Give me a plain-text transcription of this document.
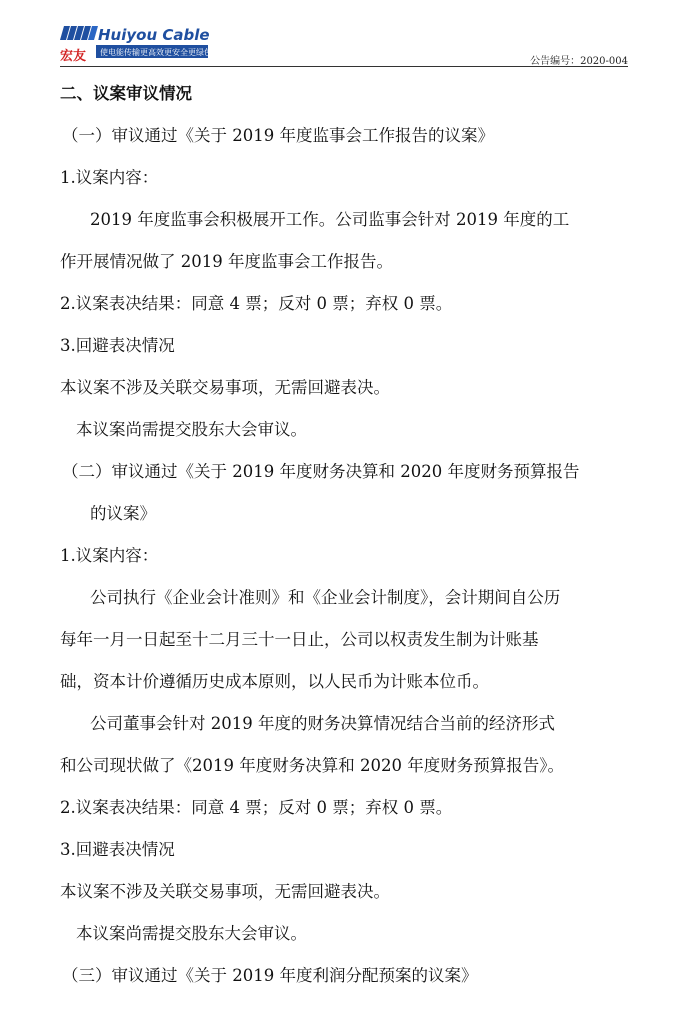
Huiyou Cable
使电能传输更高效更安全更绿色
宏友	公告编号：2020-004
二、议案审议情况
（一）审议通过《关于 2019 年度监事会工作报告的议案》
1.议案内容：
2019 年度监事会积极展开工作。公司监事会针对 2019 年度的工
作开展情况做了 2019 年度监事会工作报告。
2.议案表决结果：同意 4 票；反对 0 票；弃权 0 票。
3.回避表决情况
本议案不涉及关联交易事项，无需回避表决。
本议案尚需提交股东大会审议。
（二）审议通过《关于 2019 年度财务决算和 2020 年度财务预算报告
的议案》
1.议案内容：
公司执行《企业会计准则》和《企业会计制度》，会计期间自公历
每年一月一日起至十二月三十一日止，公司以权责发生制为计账基
础，资本计价遵循历史成本原则，以人民币为计账本位币。
公司董事会针对 2019 年度的财务决算情况结合当前的经济形式
和公司现状做了《2019 年度财务决算和 2020 年度财务预算报告》。
2.议案表决结果：同意 4 票；反对 0 票；弃权 0 票。
3.回避表决情况
本议案不涉及关联交易事项，无需回避表决。
本议案尚需提交股东大会审议。
（三）审议通过《关于 2019 年度利润分配预案的议案》
